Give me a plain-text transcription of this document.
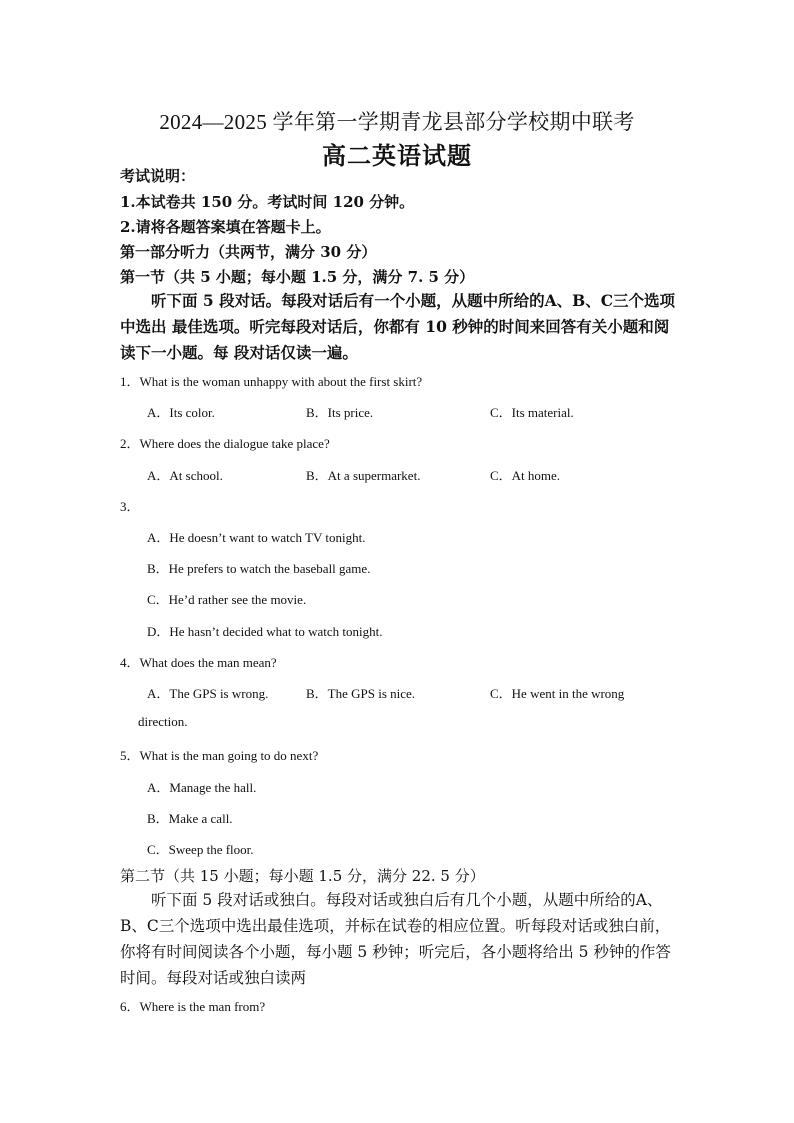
2024—2025 学年第一学期青龙县部分学校期中联考
高二英语试题
考试说明：
1.本试卷共 150 分。考试时间 120 分钟。
2.请将各题答案填在答题卡上。
第一部分听力（共两节，满分 30 分）
第一节（共 5 小题；每小题 1.5 分，满分 7. 5 分）
听下面 5 段对话。每段对话后有一个小题，从题中所给的A、B、C三个选项中选出 最佳选项。听完每段对话后，你都有 10 秒钟的时间来回答有关小题和阅读下一小题。每 段对话仅读一遍。
1．What is the woman unhappy with about the first skirt?
A．Its color.	B．Its price.	C．Its material.
2．Where does the dialogue take place?
A．At school.	B．At a supermarket.	C．At home.
3．
A．He doesn’t want to watch TV tonight.
B．He prefers to watch the baseball game.
C．He’d rather see the movie.
D．He hasn’t decided what to watch tonight.
4．What does the man mean?
A．The GPS is wrong.	B．The GPS is nice.	C．He went in the wrong
direction.
5．What is the man going to do next?
A．Manage the hall.
B．Make a call.
C．Sweep the floor.
第二节（共 15 小题；每小题 1.5 分，满分 22. 5 分）
听下面 5 段对话或独白。每段对话或独白后有几个小题，从题中所给的A、B、C三个选项中选出最佳选项，并标在试卷的相应位置。听每段对话或独白前，你将有时间阅读各个小题，每小题 5 秒钟；听完后，各小题将给出 5 秒钟的作答时间。每段对话或独白读两
6．Where is the man from?
